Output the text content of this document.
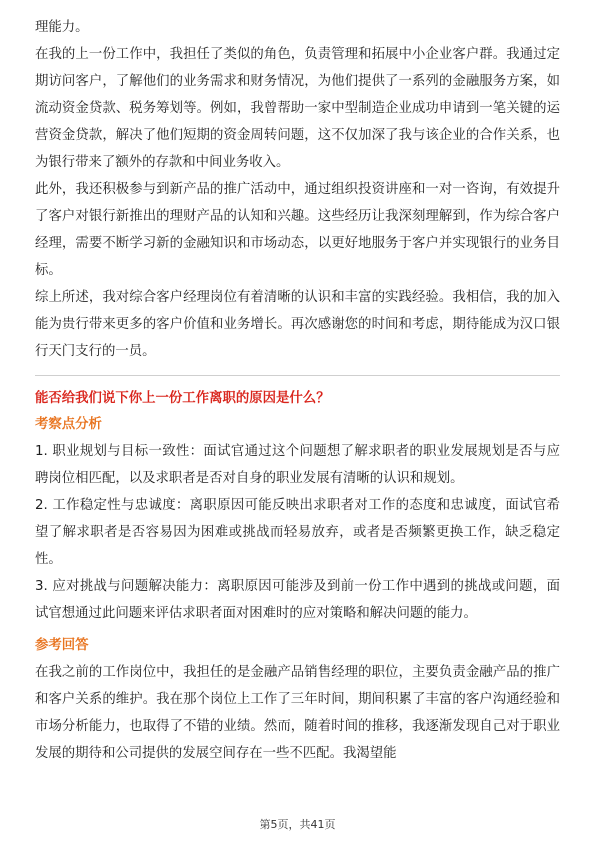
理能力。

在我的上一份工作中，我担任了类似的角色，负责管理和拓展中小企业客户群。我通过定期访问客户，了解他们的业务需求和财务情况，为他们提供了一系列的金融服务方案，如流动资金贷款、税务筹划等。例如，我曾帮助一家中型制造企业成功申请到一笔关键的运营资金贷款，解决了他们短期的资金周转问题，这不仅加深了我与该企业的合作关系，也为银行带来了额外的存款和中间业务收入。

此外，我还积极参与到新产品的推广活动中，通过组织投资讲座和一对一咨询，有效提升了客户对银行新推出的理财产品的认知和兴趣。这些经历让我深刻理解到，作为综合客户经理，需要不断学习新的金融知识和市场动态，以更好地服务于客户并实现银行的业务目标。

综上所述，我对综合客户经理岗位有着清晰的认识和丰富的实践经验。我相信，我的加入能为贵行带来更多的客户价值和业务增长。再次感谢您的时间和考虑，期待能成为汉口银行天门支行的一员。

能否给我们说下你上一份工作离职的原因是什么？
考察点分析

1. 职业规划与目标一致性：面试官通过这个问题想了解求职者的职业发展规划是否与应聘岗位相匹配，以及求职者是否对自身的职业发展有清晰的认识和规划。

2. 工作稳定性与忠诚度：离职原因可能反映出求职者对工作的态度和忠诚度，面试官希望了解求职者是否容易因为困难或挑战而轻易放弃，或者是否频繁更换工作，缺乏稳定性。

3. 应对挑战与问题解决能力：离职原因可能涉及到前一份工作中遇到的挑战或问题，面试官想通过此问题来评估求职者面对困难时的应对策略和解决问题的能力。

参考回答

在我之前的工作岗位中，我担任的是金融产品销售经理的职位，主要负责金融产品的推广和客户关系的维护。我在那个岗位上工作了三年时间，期间积累了丰富的客户沟通经验和市场分析能力，也取得了不错的业绩。然而，随着时间的推移，我逐渐发现自己对于职业发展的期待和公司提供的发展空间存在一些不匹配。我渴望能

第5页，共41页
